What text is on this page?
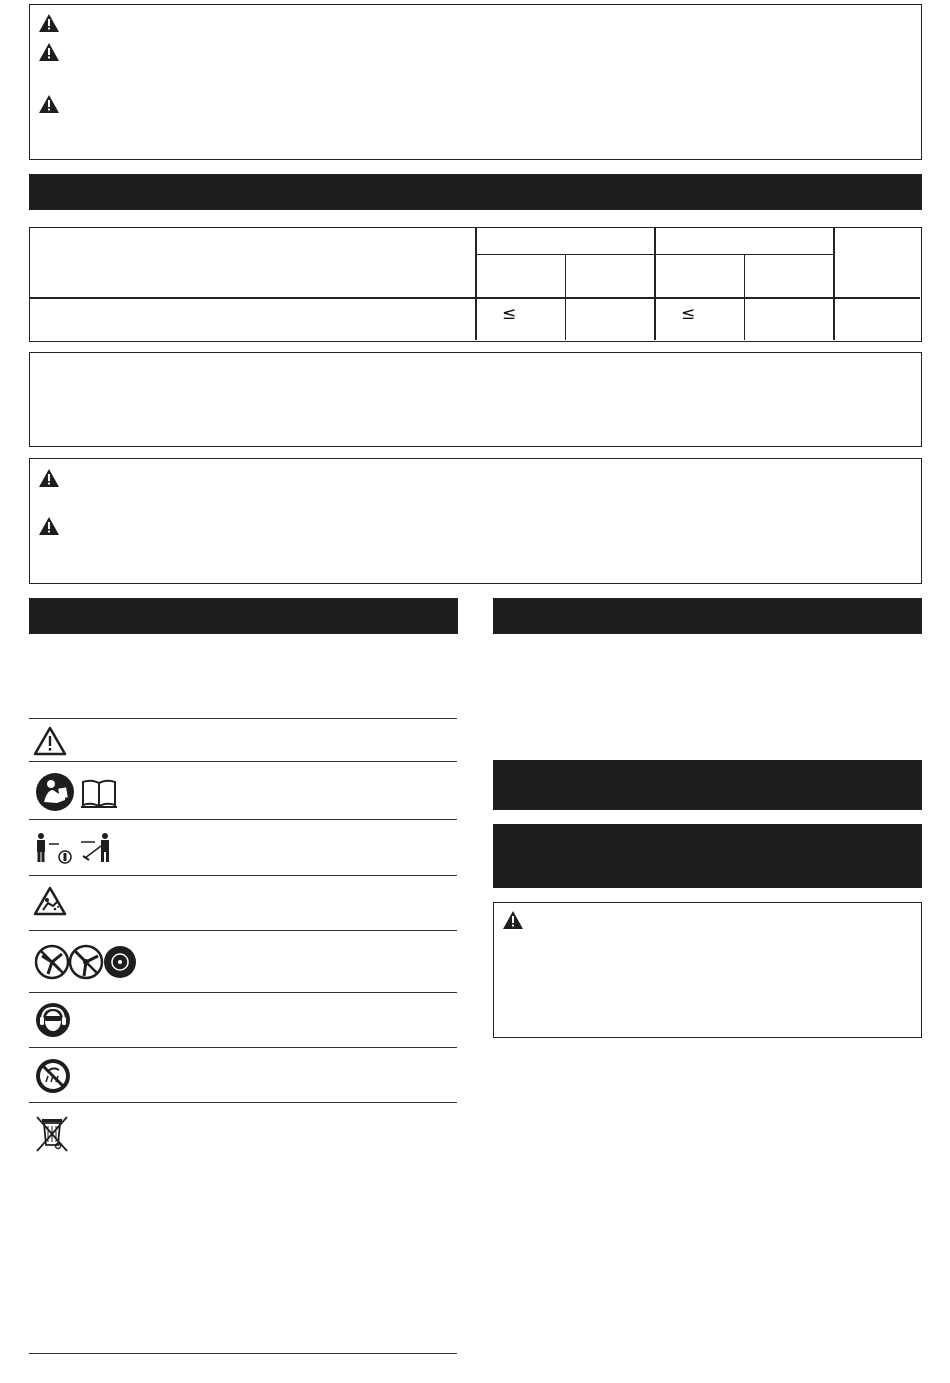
≤	≤
